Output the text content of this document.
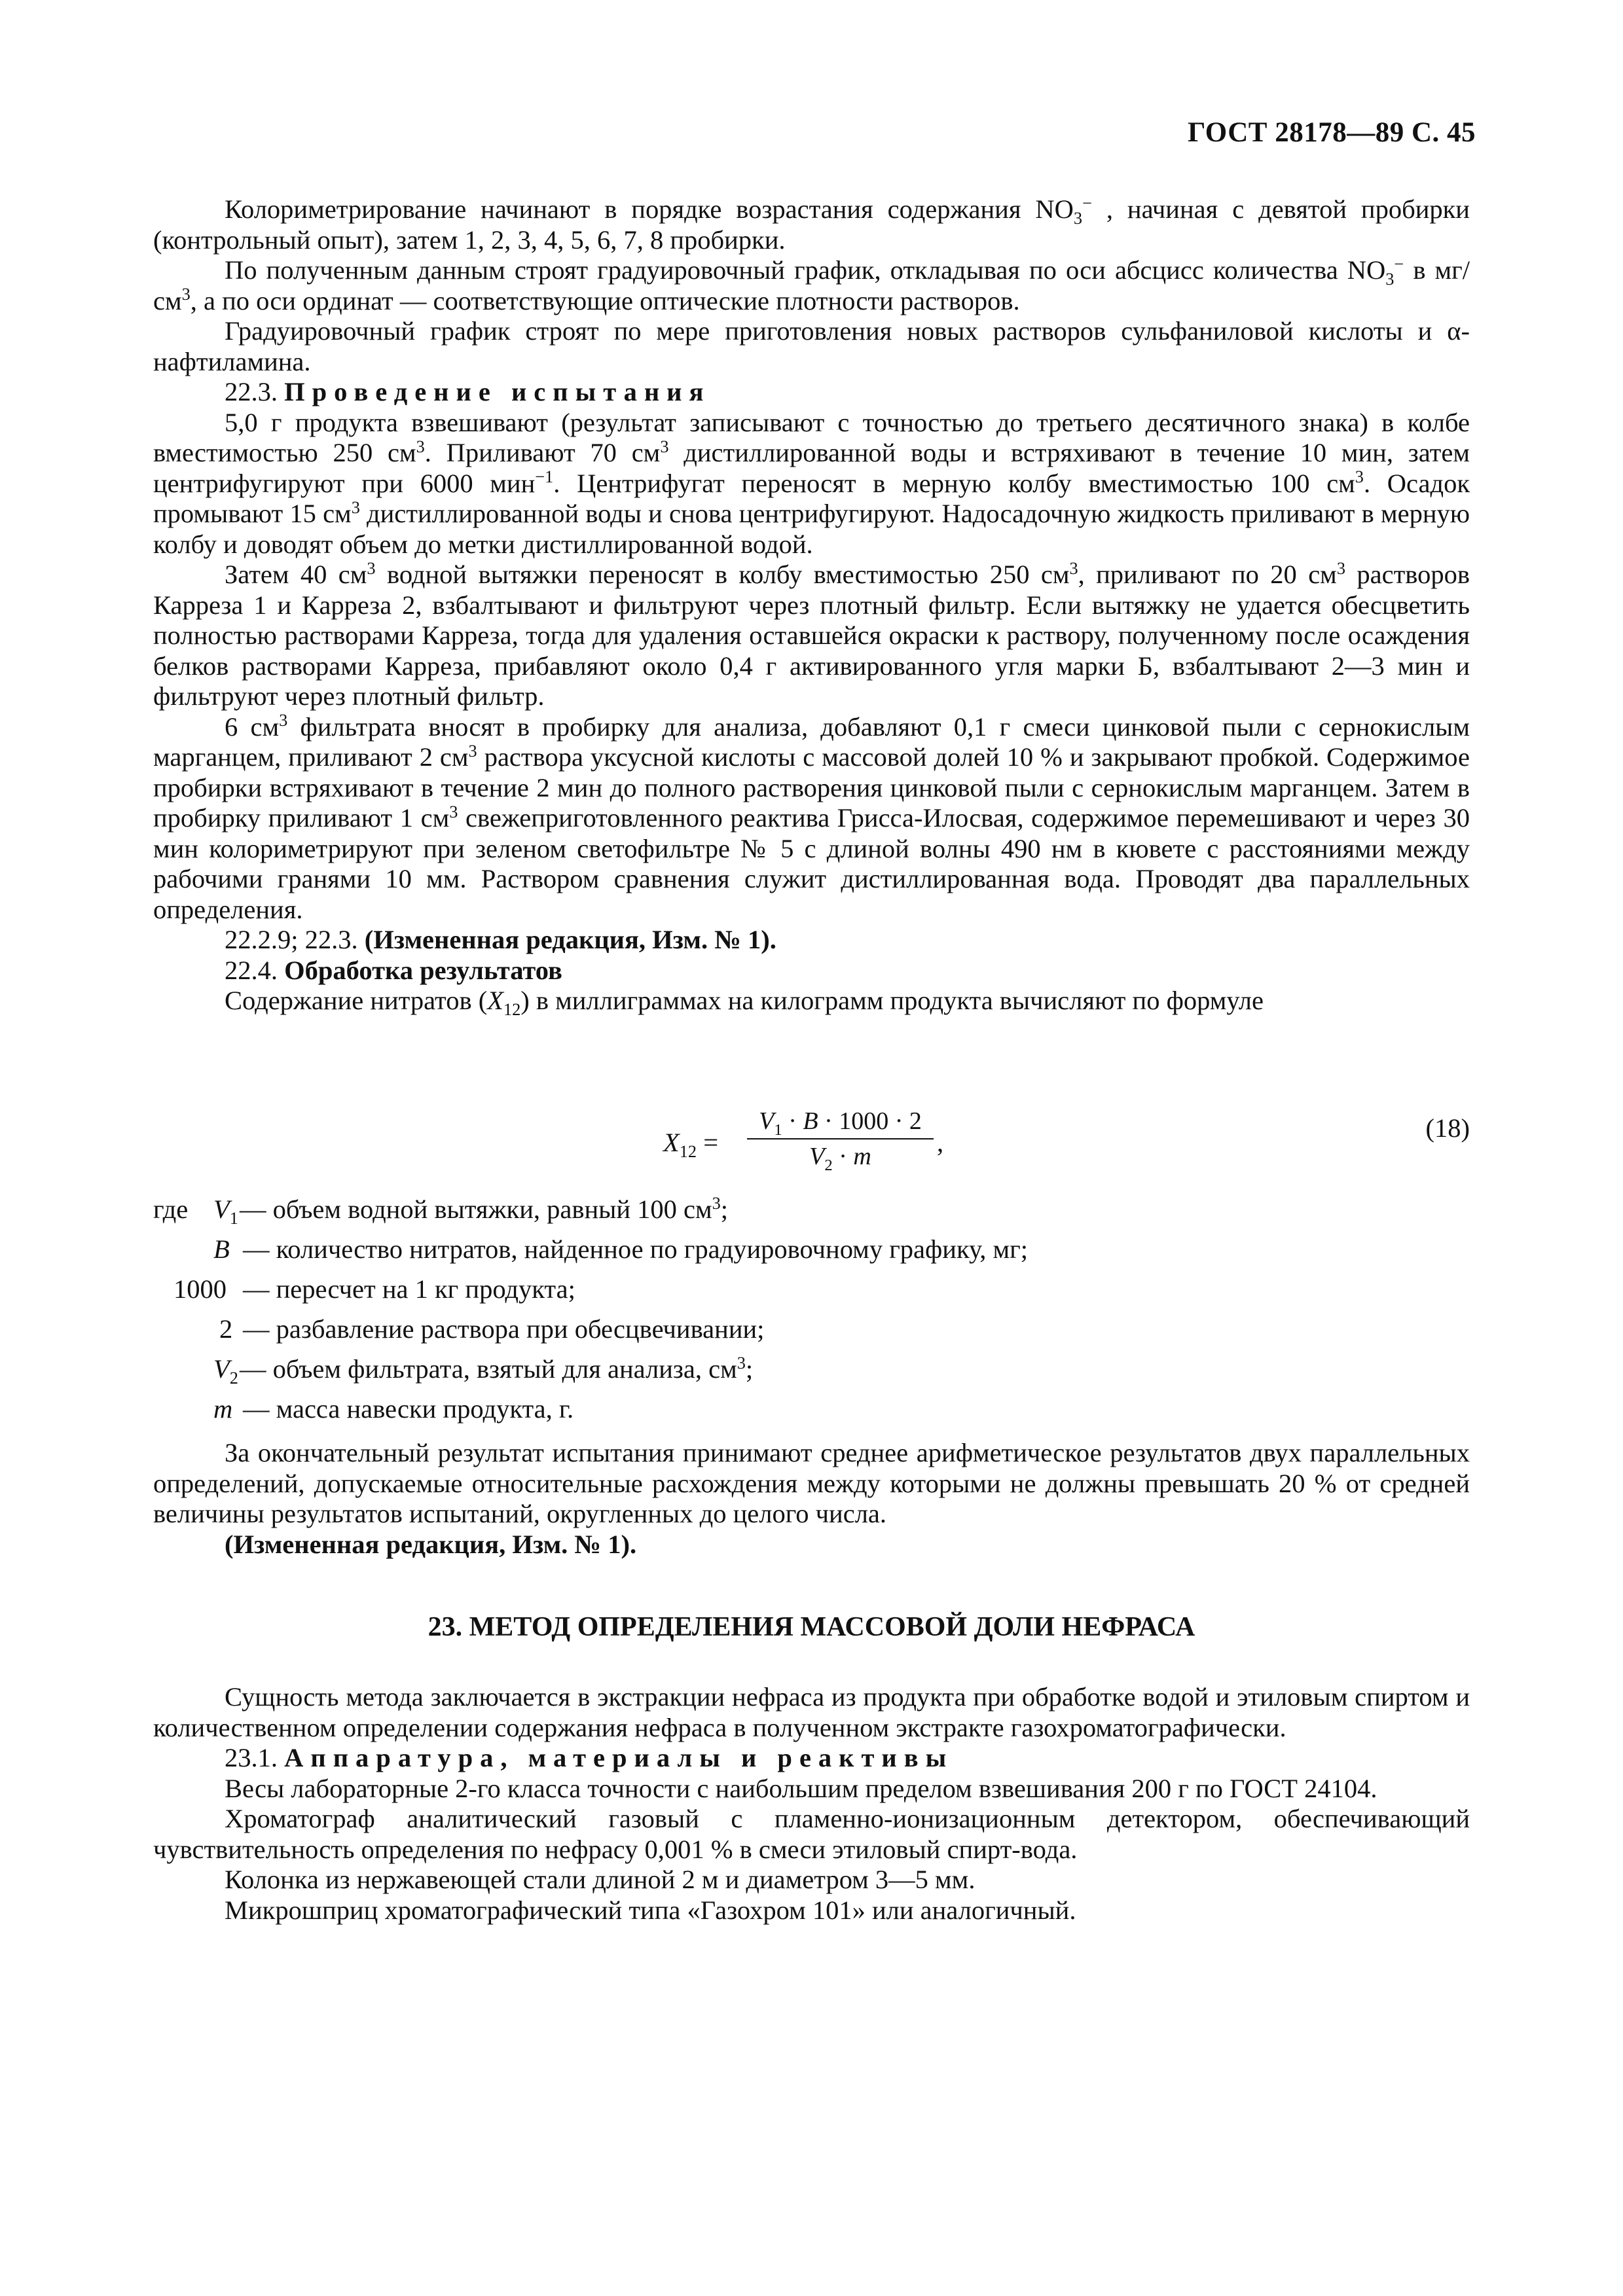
ГОСТ 28178—89 С. 45

Колориметрирование начинают в порядке возрастания содержания $NO_3^-$ , начиная с девятой пробирки (контрольный опыт), затем 1, 2, 3, 4, 5, 6, 7, 8 пробирки.

По полученным данным строят градуировочный график, откладывая по оси абсцисс количества $NO_3^-$ в $мг/см^3$, а по оси ординат — соответствующие оптические плотности растворов.

Градуировочный график строят по мере приготовления новых растворов сульфаниловой кислоты и α-нафтиламина.

22.3. Проведение испытания

5,0 г продукта взвешивают (результат записывают с точностью до третьего десятичного знака) в колбе вместимостью 250 $см^3$. Приливают 70 $см^3$ дистиллированной воды и встряхивают в течение 10 мин, затем центрифугируют при 6000 мин$^{-1}$. Центрифугат переносят в мерную колбу вместимостью 100 $см^3$. Осадок промывают 15 $см^3$ дистиллированной воды и снова центрифугируют. Надосадочную жидкость приливают в мерную колбу и доводят объем до метки дистиллированной водой.

Затем 40 $см^3$ водной вытяжки переносят в колбу вместимостью 250 $см^3$, приливают по 20 $см^3$ растворов Карреза 1 и Карреза 2, взбалтывают и фильтруют через плотный фильтр. Если вытяжку не удается обесцветить полностью растворами Карреза, тогда для удаления оставшейся окраски к раствору, полученному после осаждения белков растворами Карреза, прибавляют около 0,4 г активированного угля марки Б, взбалтывают 2—3 мин и фильтруют через плотный фильтр.

6 $см^3$ фильтрата вносят в пробирку для анализа, добавляют 0,1 г смеси цинковой пыли с сернокислым марганцем, приливают 2 $см^3$ раствора уксусной кислоты с массовой долей 10 % и закрывают пробкой. Содержимое пробирки встряхивают в течение 2 мин до полного растворения цинковой пыли с сернокислым марганцем. Затем в пробирку приливают 1 $см^3$ свежеприготовленного реактива Грисса-Илосвая, содержимое перемешивают и через 30 мин колориметрируют при зеленом светофильтре № 5 с длиной волны 490 нм в кювете с расстояниями между рабочими гранями 10 мм. Раствором сравнения служит дистиллированная вода. Проводят два параллельных определения.

22.2.9; 22.3. (Измененная редакция, Изм. № 1).

22.4. Обработка результатов

Содержание нитратов $(X_{12})$ в миллиграммах на килограмм продукта вычисляют по формуле

$X_{12}$ =
$V_1 \cdot B \cdot 1000 \cdot 2$
$V_2 \cdot m$	,	(18)
где $V_1$ — объем водной вытяжки, равный 100 $см^3$;
B — количество нитратов, найденное по градуировочному графику, мг;
1000 — пересчет на 1 кг продукта;
2 — разбавление раствора при обесцвечивании;
$V_2$ — объем фильтрата, взятый для анализа, $см^3$;
m — масса навески продукта, г.

За окончательный результат испытания принимают среднее арифметическое результатов двух параллельных определений, допускаемые относительные расхождения между которыми не должны превышать 20 % от средней величины результатов испытаний, округленных до целого числа.

(Измененная редакция, Изм. № 1).

23. МЕТОД ОПРЕДЕЛЕНИЯ МАССОВОЙ ДОЛИ НЕФРАСА

Сущность метода заключается в экстракции нефраса из продукта при обработке водой и этиловым спиртом и количественном определении содержания нефраса в полученном экстракте газохроматографически.

23.1. Аппаратура, материалы и реактивы

Весы лабораторные 2-го класса точности с наибольшим пределом взвешивания 200 г по ГОСТ 24104.

Хроматограф аналитический газовый с пламенно-ионизационным детектором, обеспечивающий чувствительность определения по нефрасу 0,001 % в смеси этиловый спирт-вода.

Колонка из нержавеющей стали длиной 2 м и диаметром 3—5 мм.

Микрошприц хроматографический типа «Газохром 101» или аналогичный.
